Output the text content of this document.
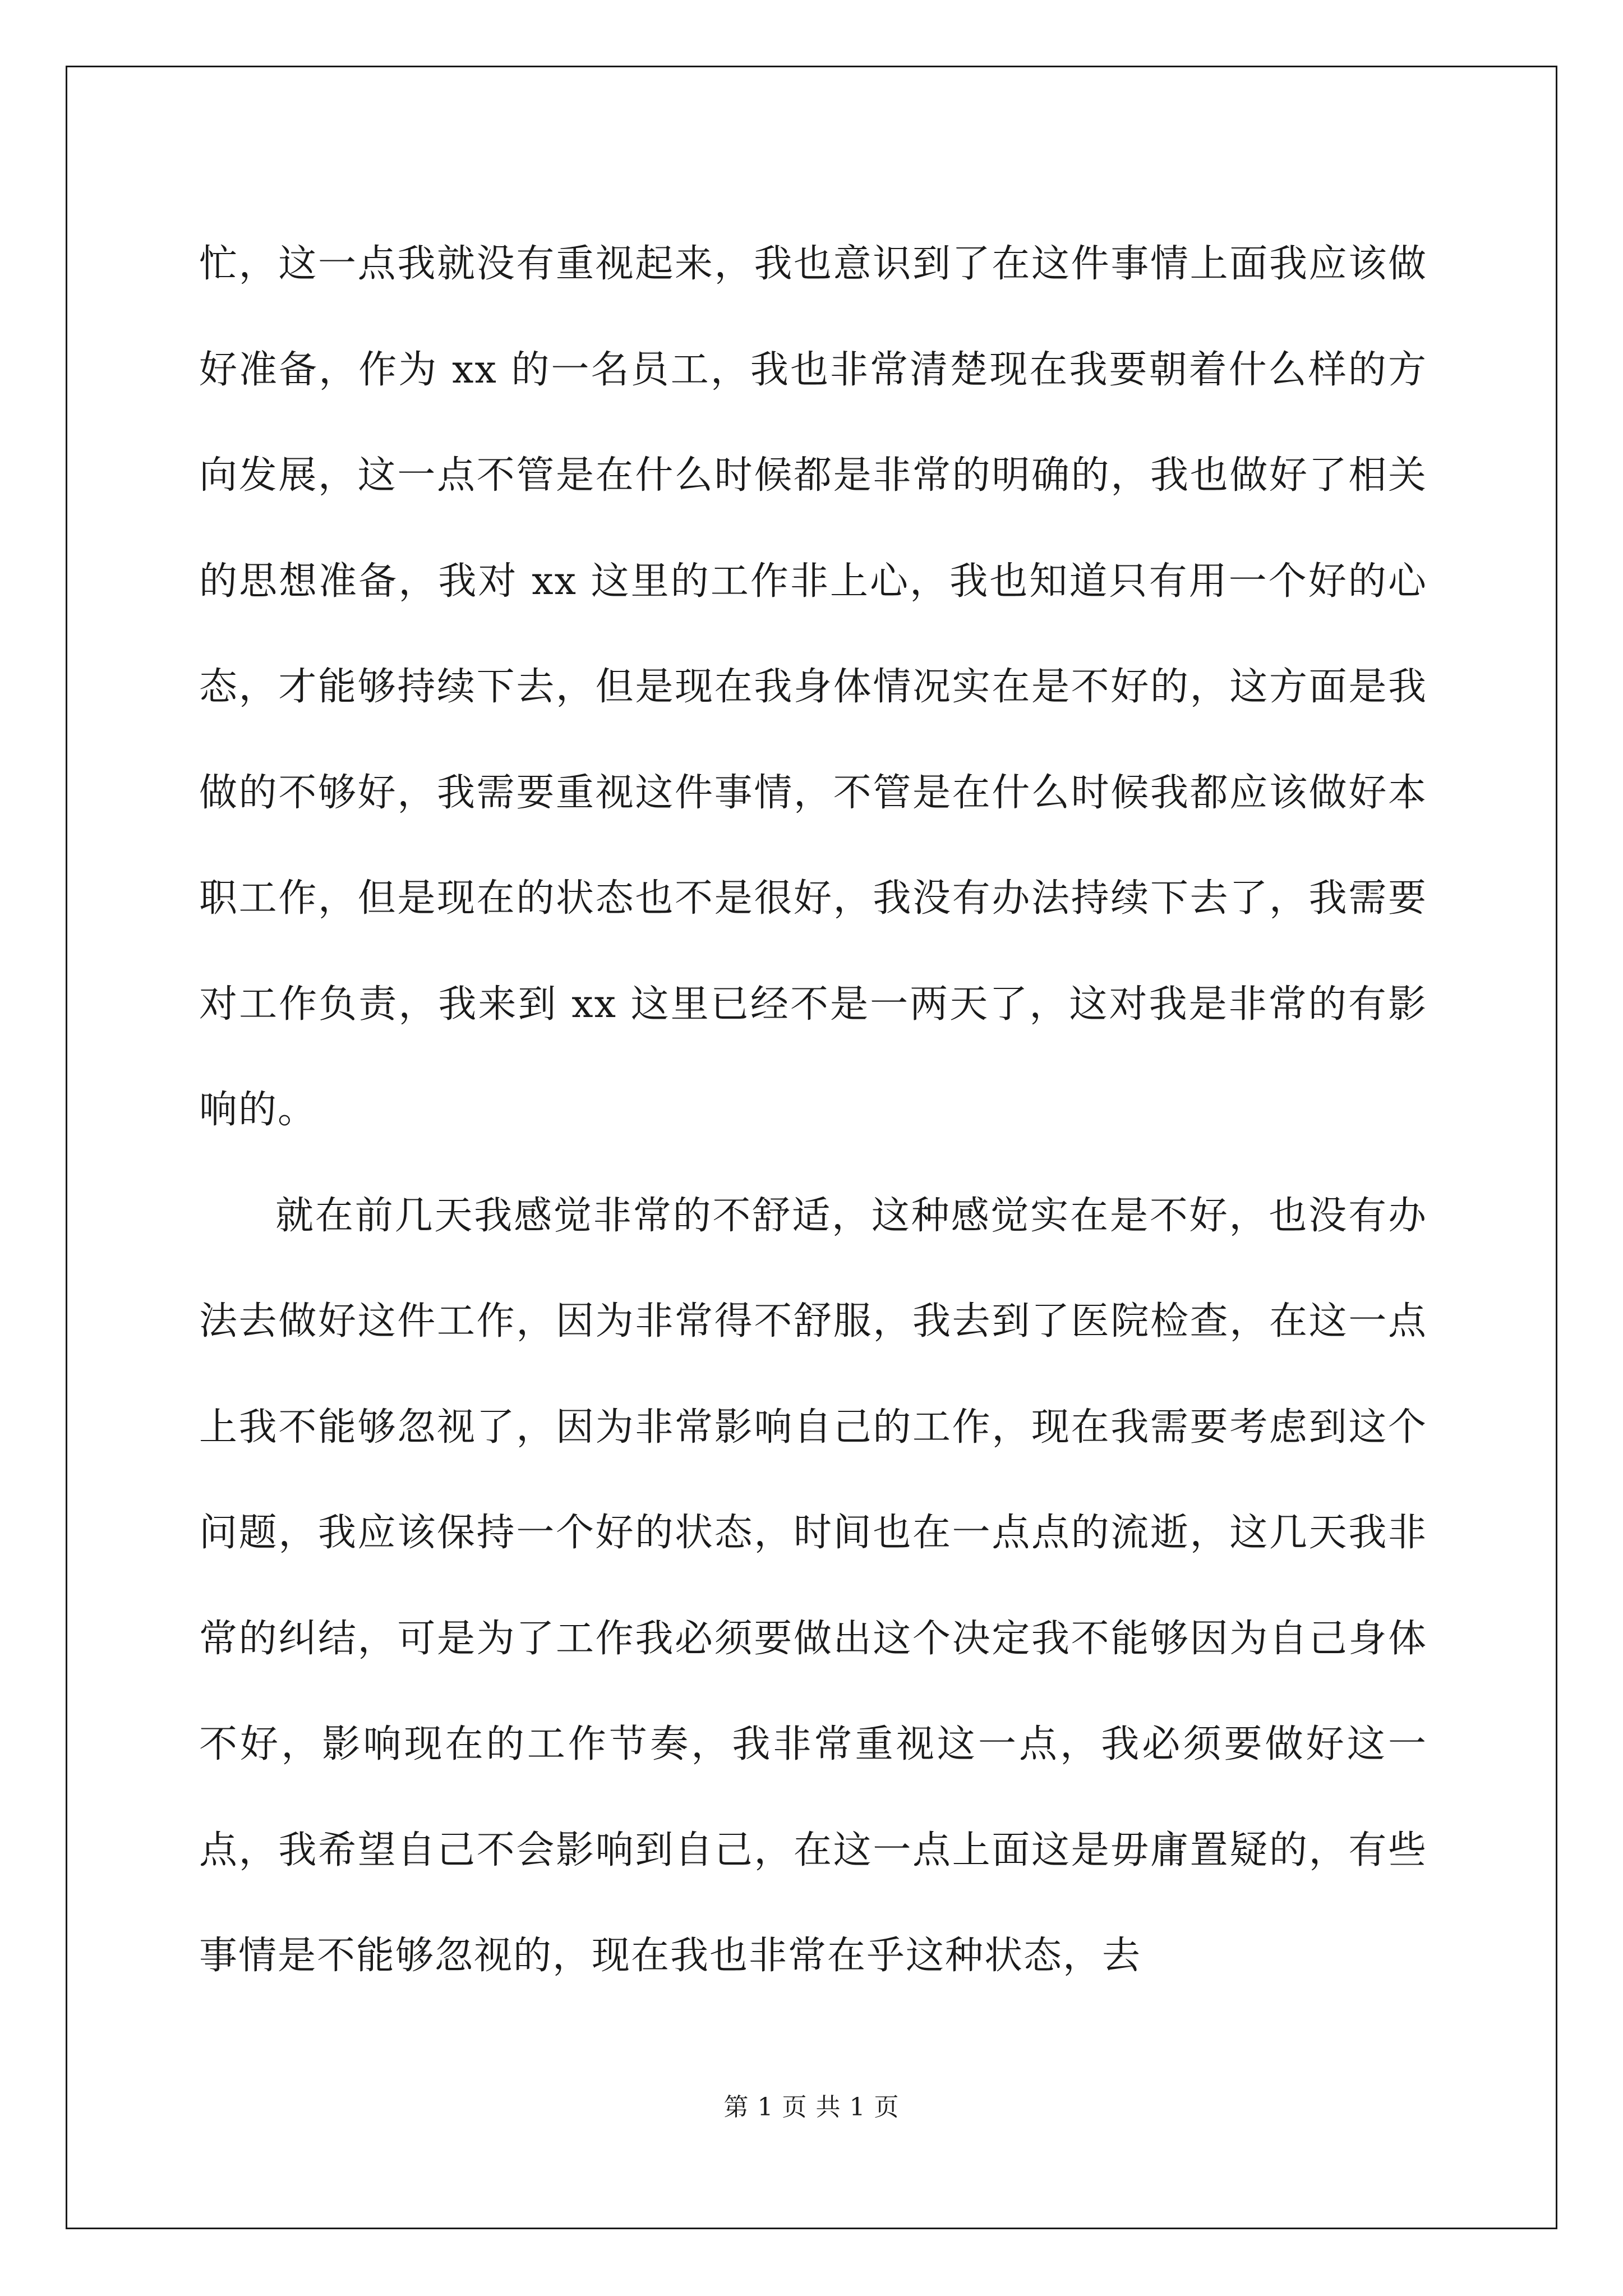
忙，这一点我就没有重视起来，我也意识到了在这件事情上面我应该做好准备，作为 xx 的一名员工，我也非常清楚现在我要朝着什么样的方向发展，这一点不管是在什么时候都是非常的明确的，我也做好了相关的思想准备，我对 xx 这里的工作非上心，我也知道只有用一个好的心态，才能够持续下去，但是现在我身体情况实在是不好的，这方面是我做的不够好，我需要重视这件事情，不管是在什么时候我都应该做好本职工作，但是现在的状态也不是很好，我没有办法持续下去了，我需要对工作负责，我来到 xx 这里已经不是一两天了，这对我是非常的有影响的。

就在前几天我感觉非常的不舒适，这种感觉实在是不好，也没有办法去做好这件工作，因为非常得不舒服，我去到了医院检查，在这一点上我不能够忽视了，因为非常影响自己的工作，现在我需要考虑到这个问题，我应该保持一个好的状态，时间也在一点点的流逝，这几天我非常的纠结，可是为了工作我必须要做出这个决定我不能够因为自己身体不好，影响现在的工作节奏，我非常重视这一点，我必须要做好这一点，我希望自己不会影响到自己，在这一点上面这是毋庸置疑的，有些事情是不能够忽视的，现在我也非常在乎这种状态，去

第 1 页 共 1 页
